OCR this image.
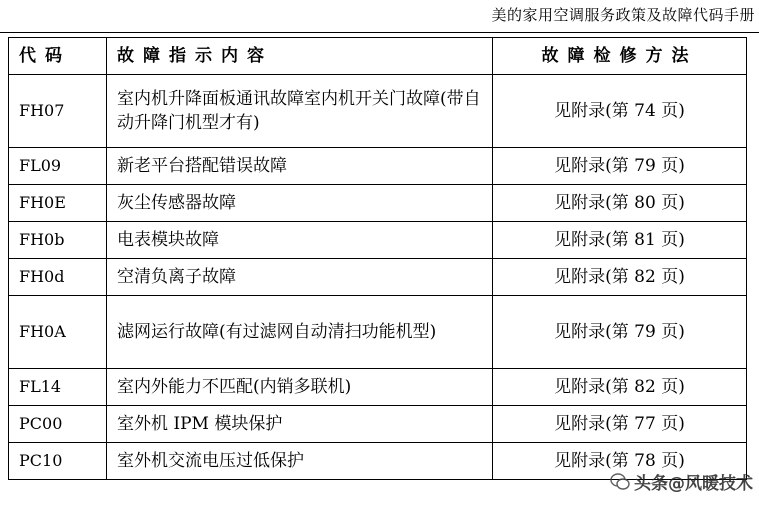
美的家用空调服务政策及故障代码手册
代码	故障指示内容	故障检修方法
FH07	室内机升降面板通讯故障室内机开关门故障(带自动升降门机型才有)	见附录(第 74 页)
FL09	新老平台搭配错误故障	见附录(第 79 页)
FH0E	灰尘传感器故障	见附录(第 80 页)
FH0b	电表模块故障	见附录(第 81 页)
FH0d	空清负离子故障	见附录(第 82 页)
FH0A	滤网运行故障(有过滤网自动清扫功能机型)	见附录(第 79 页)
FL14	室内外能力不匹配(内销多联机)	见附录(第 82 页)
PC00	室外机 IPM 模块保护	见附录(第 77 页)
PC10	室外机交流电压过低保护	见附录(第 78 页)
头条@风暖技术
